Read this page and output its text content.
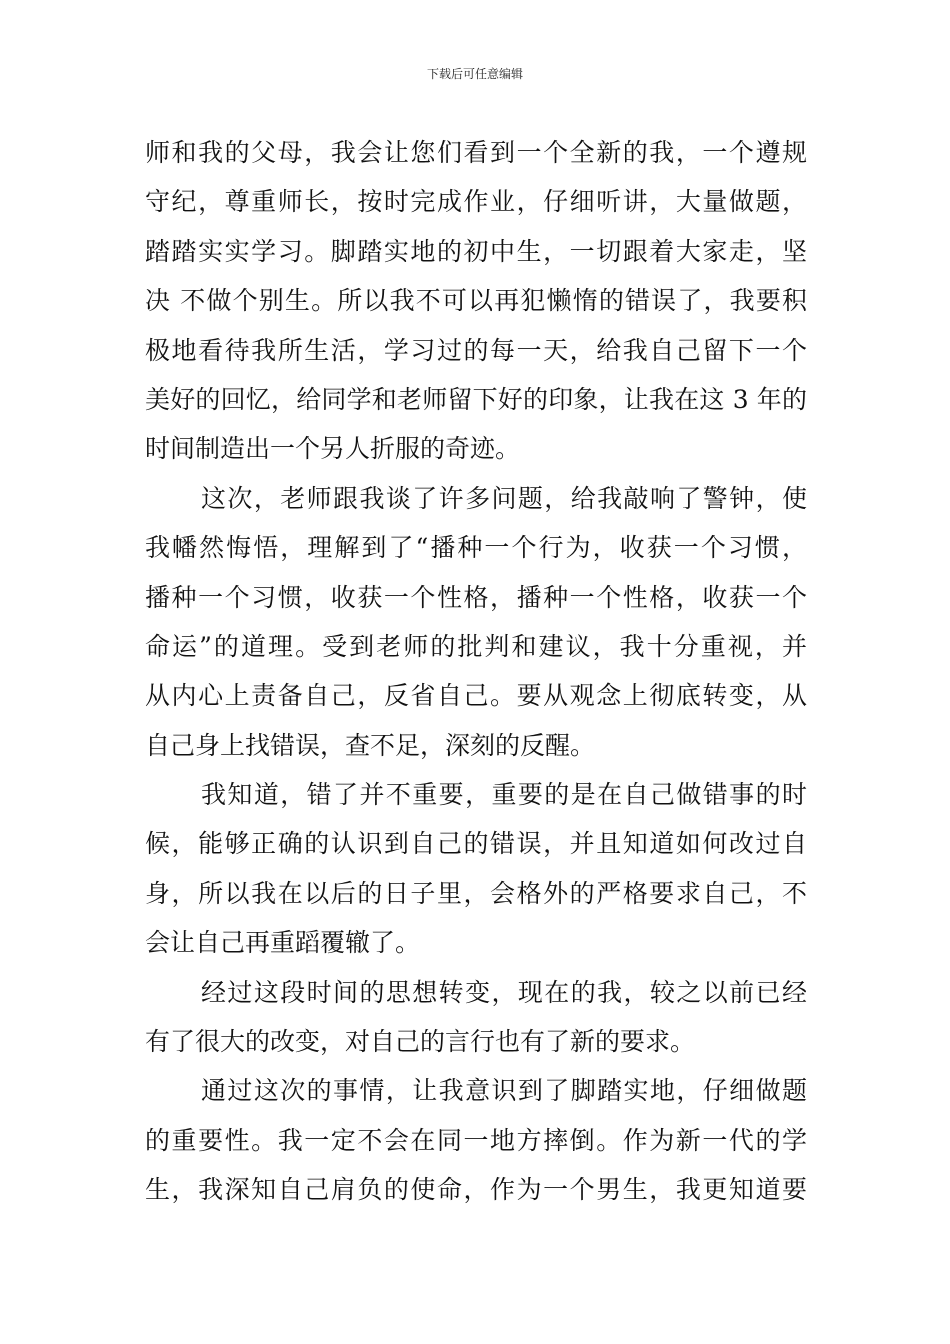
下载后可任意编辑
师和我的父母，我会让您们看到一个全新的我，一个遵规
守纪，尊重师长，按时完成作业，仔细听讲，大量做题，
踏踏实实学习。脚踏实地的初中生，一切跟着大家走，坚
决 不做个别生。所以我不可以再犯懒惰的错误了，我要积
极地看待我所生活，学习过的每一天，给我自己留下一个
美好的回忆，给同学和老师留下好的印象，让我在这 3 年的
时间制造出一个另人折服的奇迹。
这次，老师跟我谈了许多问题，给我敲响了警钟，使
我幡然悔悟，理解到了“播种一个行为，收获一个习惯，
播种一个习惯，收获一个性格，播种一个性格，收获一个
命运”的道理。受到老师的批判和建议，我十分重视，并
从内心上责备自己，反省自己。要从观念上彻底转变，从
自己身上找错误，查不足，深刻的反醒。
我知道，错了并不重要，重要的是在自己做错事的时
候，能够正确的认识到自己的错误，并且知道如何改过自
身，所以我在以后的日子里，会格外的严格要求自己，不
会让自己再重蹈覆辙了。
经过这段时间的思想转变，现在的我，较之以前已经
有了很大的改变，对自己的言行也有了新的要求。
通过这次的事情，让我意识到了脚踏实地，仔细做题
的重要性。我一定不会在同一地方摔倒。作为新一代的学
生，我深知自己肩负的使命，作为一个男生，我更知道要
